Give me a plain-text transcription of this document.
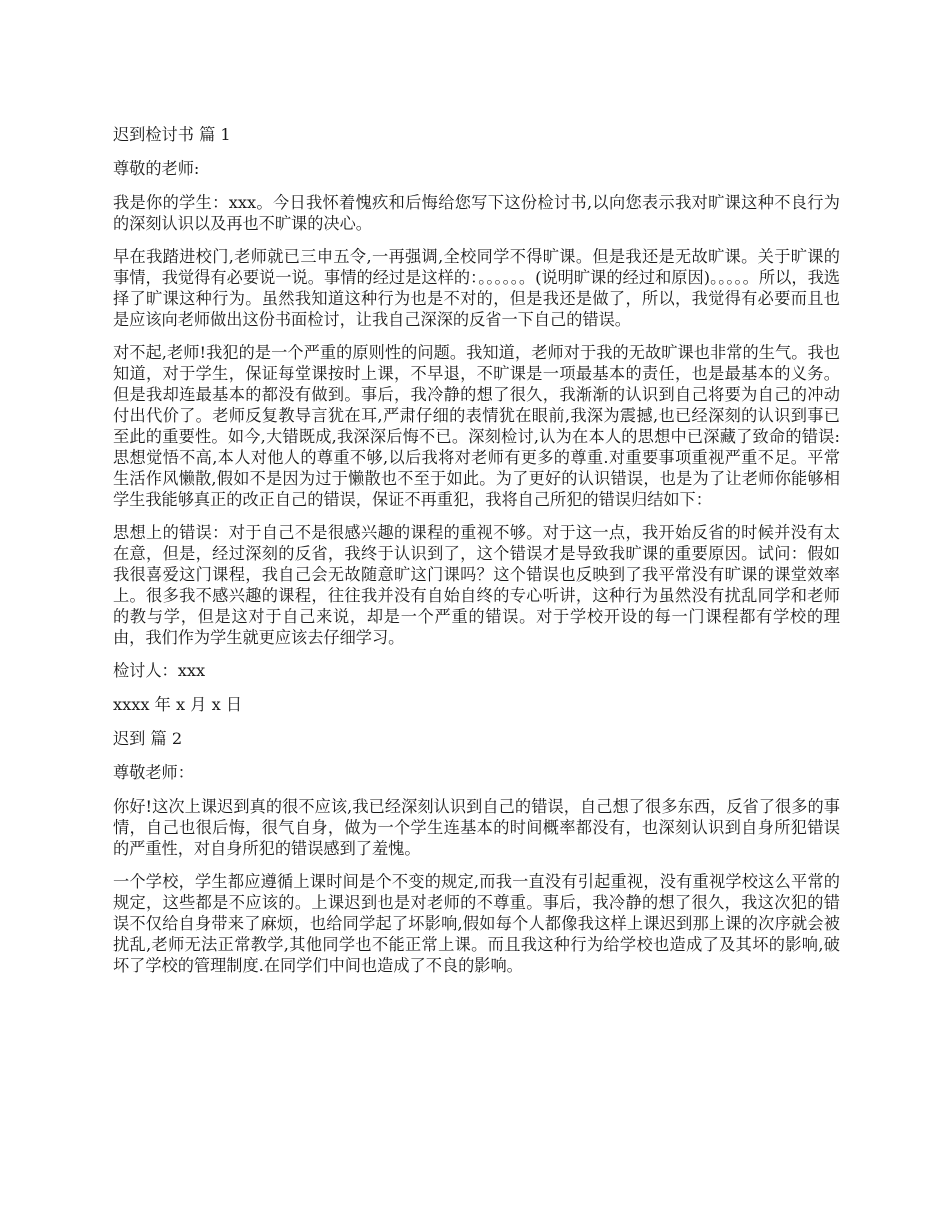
迟到检讨书 篇 1

尊敬的老师:

我是你的学生：xxx。今日我怀着愧疚和后悔给您写下这份检讨书,以向您表示我对旷课这种不良行为的深刻认识以及再也不旷课的决心。

早在我踏进校门,老师就已三申五令,一再强调,全校同学不得旷课。但是我还是无故旷课。关于旷课的事情，我觉得有必要说一说。事情的经过是这样的：。。。。。。(说明旷课的经过和原因)。。。。。所以，我选择了旷课这种行为。虽然我知道这种行为也是不对的，但是我还是做了，所以，我觉得有必要而且也是应该向老师做出这份书面检讨，让我自己深深的反省一下自己的错误。

对不起,老师!我犯的是一个严重的原则性的问题。我知道，老师对于我的无故旷课也非常的生气。我也知道，对于学生，保证每堂课按时上课，不早退，不旷课是一项最基本的责任，也是最基本的义务。但是我却连最基本的都没有做到。事后，我冷静的想了很久，我渐渐的认识到自己将要为自己的冲动付出代价了。老师反复教导言犹在耳,严肃仔细的表情犹在眼前,我深为震撼,也已经深刻的认识到事已至此的重要性。如今,大错既成,我深深后悔不已。深刻检讨,认为在本人的思想中已深藏了致命的错误:思想觉悟不高,本人对他人的尊重不够,以后我将对老师有更多的尊重.对重要事项重视严重不足。平常生活作风懒散,假如不是因为过于懒散也不至于如此。为了更好的认识错误，也是为了让老师你能够相学生我能够真正的改正自己的错误，保证不再重犯，我将自己所犯的错误归结如下：

思想上的错误：对于自己不是很感兴趣的课程的重视不够。对于这一点，我开始反省的时候并没有太在意，但是，经过深刻的反省，我终于认识到了，这个错误才是导致我旷课的重要原因。试问：假如我很喜爱这门课程，我自己会无故随意旷这门课吗？这个错误也反映到了我平常没有旷课的课堂效率上。很多我不感兴趣的课程，往往我并没有自始自终的专心听讲，这种行为虽然没有扰乱同学和老师的教与学，但是这对于自己来说，却是一个严重的错误。对于学校开设的每一门课程都有学校的理由，我们作为学生就更应该去仔细学习。

检讨人：xxx

xxxx 年 x 月 x 日

迟到 篇 2

尊敬老师：

你好!这次上课迟到真的很不应该,我已经深刻认识到自己的错误，自己想了很多东西，反省了很多的事情，自己也很后悔，很气自身，做为一个学生连基本的时间概率都没有，也深刻认识到自身所犯错误的严重性，对自身所犯的错误感到了羞愧。

一个学校，学生都应遵循上课时间是个不变的规定,而我一直没有引起重视，没有重视学校这么平常的规定，这些都是不应该的。上课迟到也是对老师的不尊重。事后，我冷静的想了很久，我这次犯的错误不仅给自身带来了麻烦，也给同学起了坏影响,假如每个人都像我这样上课迟到那上课的次序就会被扰乱,老师无法正常教学,其他同学也不能正常上课。而且我这种行为给学校也造成了及其坏的影响,破坏了学校的管理制度.在同学们中间也造成了不良的影响。
